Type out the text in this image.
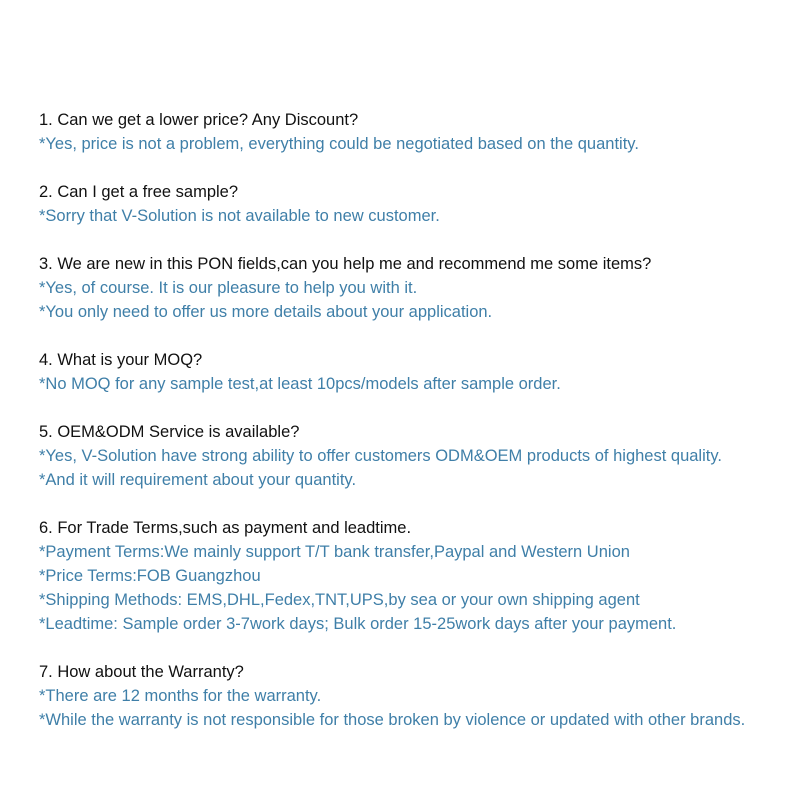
1. Can we get a lower price? Any Discount?
*Yes, price is not a problem, everything could be negotiated based on the quantity.
2. Can I get a free sample?
*Sorry that V-Solution is not available to new customer.
3. We are new in this PON fields,can you help me and recommend me some items?
*Yes, of course. It is our pleasure to help you with it.
*You only need to offer us more details about your application.
4. What is your MOQ?
*No MOQ for any sample test,at least 10pcs/models after sample order.
5. OEM&ODM Service is available?
*Yes, V-Solution have strong ability to offer customers ODM&OEM products of highest quality.
*And it will requirement about your quantity.
6. For Trade Terms,such as payment and leadtime.
*Payment Terms:We mainly support T/T bank transfer,Paypal and Western Union
*Price Terms:FOB Guangzhou
*Shipping Methods: EMS,DHL,Fedex,TNT,UPS,by sea or your own shipping agent
*Leadtime: Sample order 3-7work days; Bulk order 15-25work days after your payment.
7. How about the Warranty?
*There are 12 months for the warranty.
*While the warranty is not responsible for those broken by violence or updated with other brands.
